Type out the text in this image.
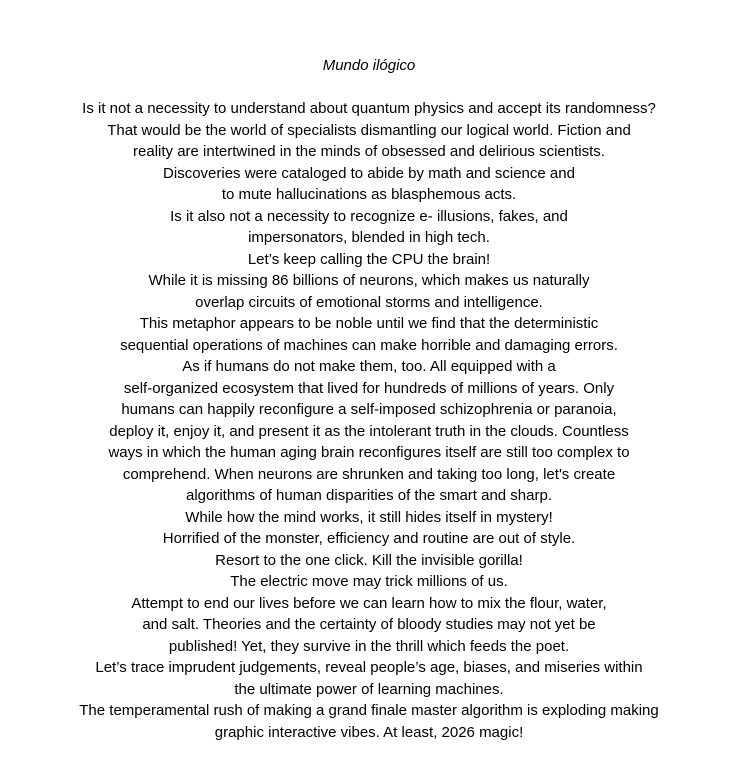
Mundo ilógico
Is it not a necessity to understand about quantum physics and accept its randomness?
That would be the world of specialists dismantling our logical world. Fiction and
reality are intertwined in the minds of obsessed and delirious scientists.
Discoveries were cataloged to abide by math and science and
to mute hallucinations as blasphemous acts.
Is it also not a necessity to recognize e- illusions, fakes, and
impersonators, blended in high tech.
Let’s keep calling the CPU the brain!
While it is missing 86 billions of neurons, which makes us naturally
overlap circuits of emotional storms and intelligence.
This metaphor appears to be noble until we find that the deterministic
sequential operations of machines can make horrible and damaging errors.
As if humans do not make them, too. All equipped with a
self-organized ecosystem that lived for hundreds of millions of years. Only
humans can happily reconfigure a self-imposed schizophrenia or paranoia,
deploy it, enjoy it, and present it as the intolerant truth in the clouds. Countless
ways in which the human aging brain reconfigures itself are still too complex to
comprehend. When neurons are shrunken and taking too long, let's create
algorithms of human disparities of the smart and sharp.
While how the mind works, it still hides itself in mystery!
Horrified of the monster, efficiency and routine are out of style.
Resort to the one click. Kill the invisible gorilla!
The electric move may trick millions of us.
Attempt to end our lives before we can learn how to mix the flour, water,
and salt. Theories and the certainty of bloody studies may not yet be
published! Yet, they survive in the thrill which feeds the poet.
Let’s trace imprudent judgements, reveal people’s age, biases, and miseries within
the ultimate power of learning machines.
The temperamental rush of making a grand finale master algorithm is exploding making
graphic interactive vibes. At least, 2026 magic!
